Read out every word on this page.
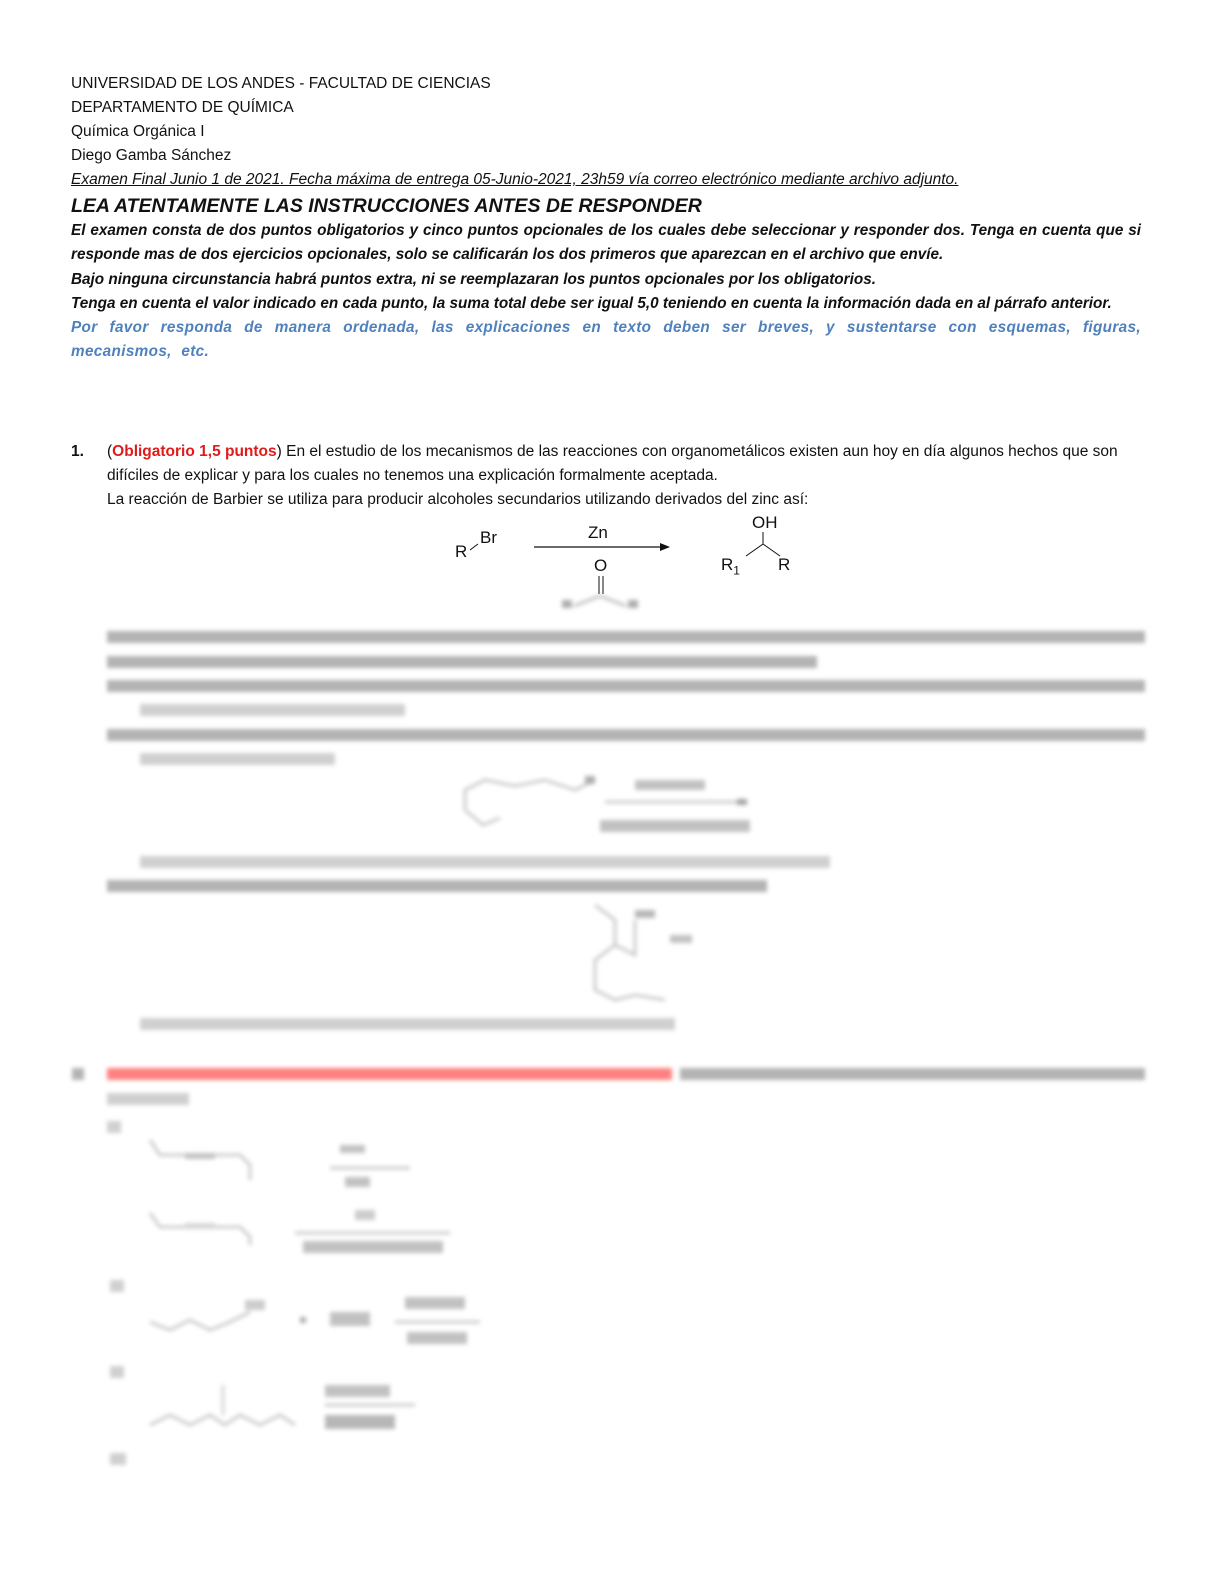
UNIVERSIDAD DE LOS ANDES - FACULTAD DE CIENCIAS
DEPARTAMENTO DE QUÍMICA
Química Orgánica I
Diego Gamba Sánchez
Examen Final Junio 1 de 2021. Fecha máxima de entrega 05-Junio-2021, 23h59 vía correo electrónico mediante archivo adjunto.
LEA ATENTAMENTE LAS INSTRUCCIONES ANTES DE RESPONDER
El examen consta de dos puntos obligatorios y cinco puntos opcionales de los cuales debe seleccionar y responder dos. Tenga en cuenta que si responde mas de dos ejercicios opcionales, solo se calificarán los dos primeros que aparezcan en el archivo que envíe.
Bajo ninguna circunstancia habrá puntos extra, ni se reemplazaran los puntos opcionales por los obligatorios.
Tenga en cuenta el valor indicado en cada punto, la suma total debe ser igual 5,0 teniendo en cuenta la información dada en al párrafo anterior.
Por favor responda de manera ordenada, las explicaciones en texto deben ser breves, y sustentarse con esquemas, figuras, mecanismos, etc.
1. (Obligatorio 1,5 puntos) En el estudio de los mecanismos de las reacciones con organometálicos existen aun hoy en día algunos hechos que son difíciles de explicar y para los cuales no tenemos una explicación formalmente aceptada.
La reacción de Barbier se utiliza para producir alcoholes secundarios utilizando derivados del zinc así:
R
Br	Zn
O
OH
$R_1$ R
